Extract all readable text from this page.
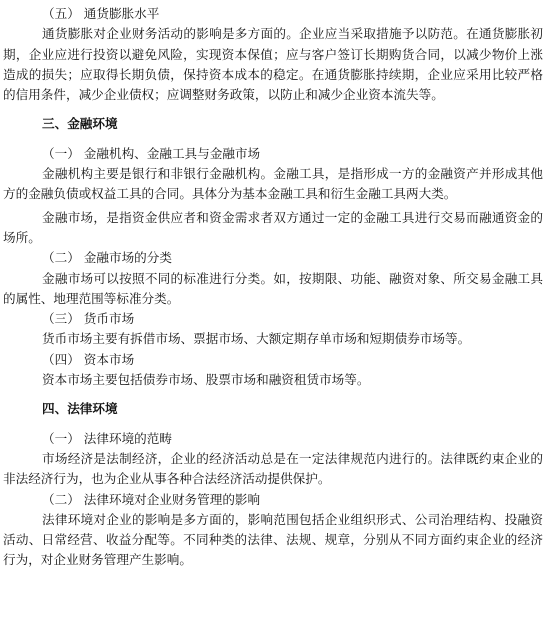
（五） 通货膨胀水平
通货膨胀对企业财务活动的影响是多方面的。企业应当采取措施予以防范。在通货膨胀初期，企业应进行投资以避免风险，实现资本保值；应与客户签订长期购货合同，以减少物价上涨造成的损失；应取得长期负债，保持资本成本的稳定。在通货膨胀持续期，企业应采用比较严格的信用条件，减少企业债权；应调整财务政策，以防止和减少企业资本流失等。
三、金融环境
（一） 金融机构、金融工具与金融市场
金融机构主要是银行和非银行金融机构。金融工具，是指形成一方的金融资产并形成其他方的金融负债或权益工具的合同。具体分为基本金融工具和衍生金融工具两大类。
金融市场，是指资金供应者和资金需求者双方通过一定的金融工具进行交易而融通资金的场所。
（二） 金融市场的分类
金融市场可以按照不同的标准进行分类。如，按期限、功能、融资对象、所交易金融工具的属性、地理范围等标准分类。
（三） 货币市场
货币市场主要有拆借市场、票据市场、大额定期存单市场和短期债券市场等。
（四） 资本市场
资本市场主要包括债券市场、股票市场和融资租赁市场等。
四、法律环境
（一） 法律环境的范畴
市场经济是法制经济，企业的经济活动总是在一定法律规范内进行的。法律既约束企业的非法经济行为，也为企业从事各种合法经济活动提供保护。
（二） 法律环境对企业财务管理的影响
法律环境对企业的影响是多方面的，影响范围包括企业组织形式、公司治理结构、投融资活动、日常经营、收益分配等。不同种类的法律、法规、规章，分别从不同方面约束企业的经济行为，对企业财务管理产生影响。
